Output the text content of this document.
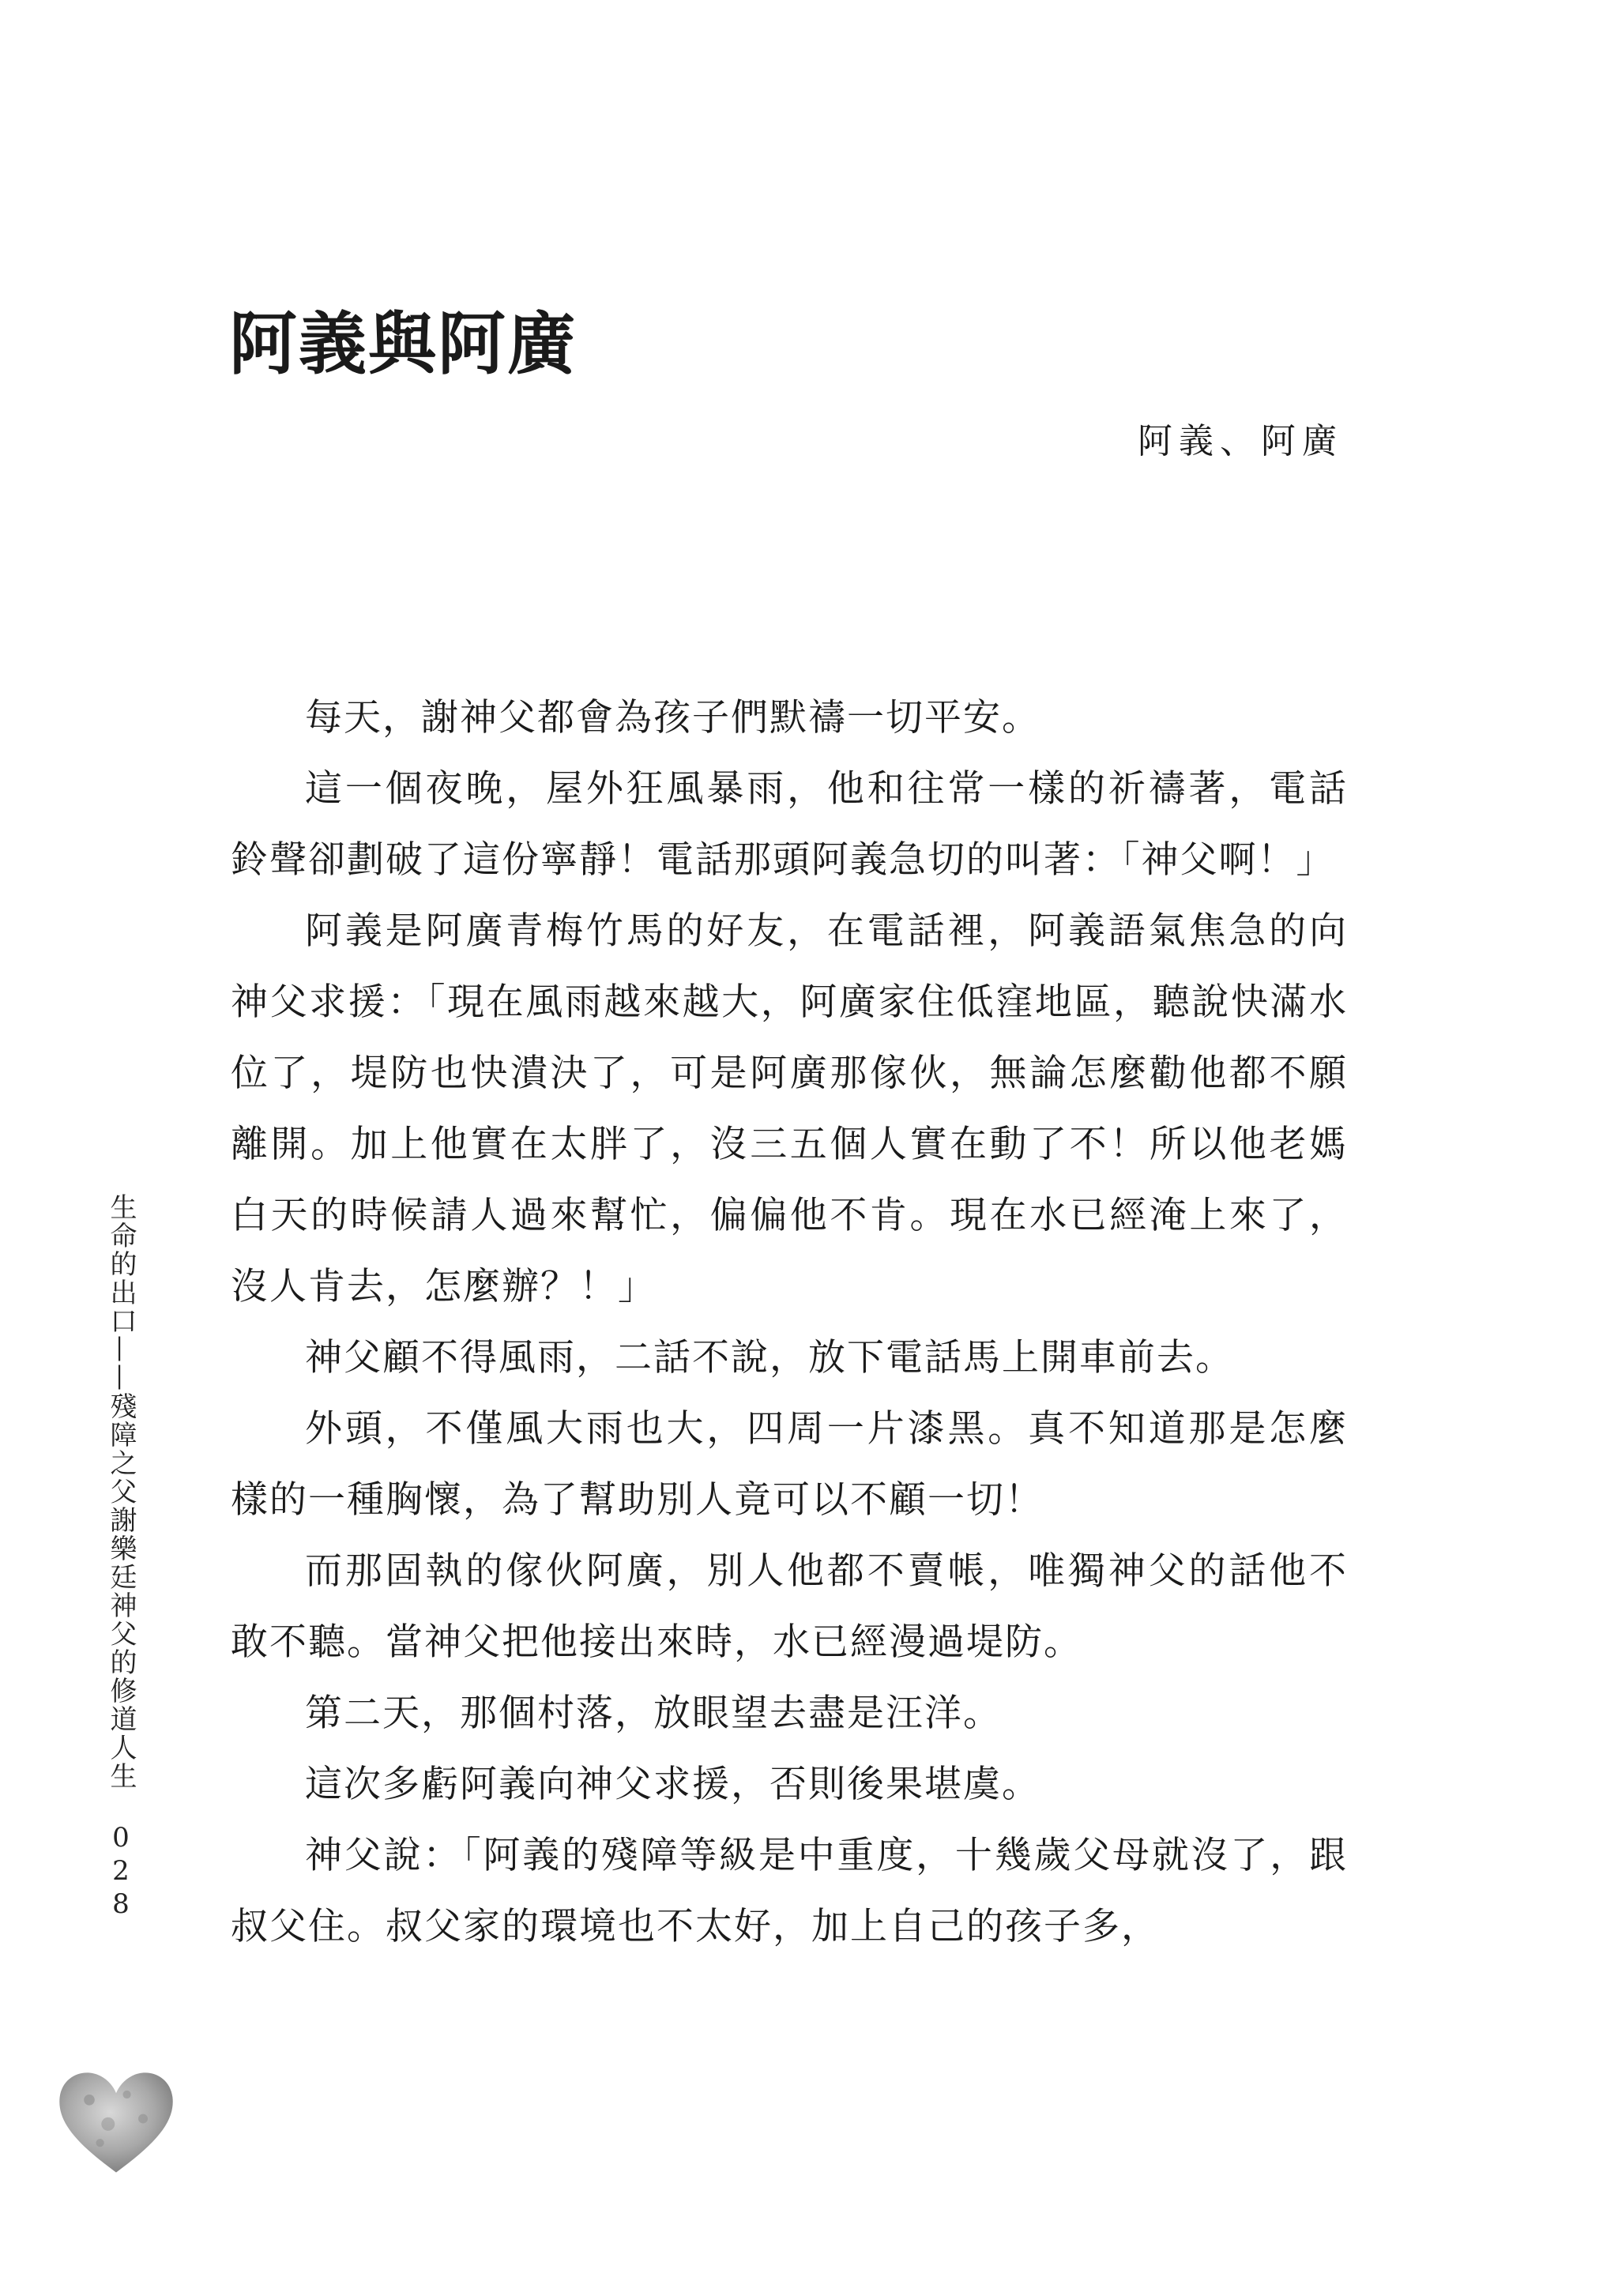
阿義與阿廣
阿義、阿廣

每天，謝神父都會為孩子們默禱一切平安。

這一個夜晚，屋外狂風暴雨，他和往常一樣的祈禱著，電話鈴聲卻劃破了這份寧靜！電話那頭阿義急切的叫著：「神父啊！」

阿義是阿廣青梅竹馬的好友，在電話裡，阿義語氣焦急的向神父求援：「現在風雨越來越大，阿廣家住低窪地區，聽說快滿水位了，堤防也快潰決了，可是阿廣那傢伙，無論怎麼勸他都不願離開。加上他實在太胖了，沒三五個人實在動了不！所以他老媽白天的時候請人過來幫忙，偏偏他不肯。現在水已經淹上來了，沒人肯去，怎麼辦？！」

神父顧不得風雨，二話不說，放下電話馬上開車前去。

外頭，不僅風大雨也大，四周一片漆黑。真不知道那是怎麼樣的一種胸懷，為了幫助別人竟可以不顧一切！

而那固執的傢伙阿廣，別人他都不賣帳，唯獨神父的話他不敢不聽。當神父把他接出來時，水已經漫過堤防。

第二天，那個村落，放眼望去盡是汪洋。

這次多虧阿義向神父求援，否則後果堪虞。

神父說：「阿義的殘障等級是中重度，十幾歲父母就沒了，跟叔父住。叔父家的環境也不太好，加上自己的孩子多，

生命的出口——殘障之父謝樂廷神父的修道人生028
